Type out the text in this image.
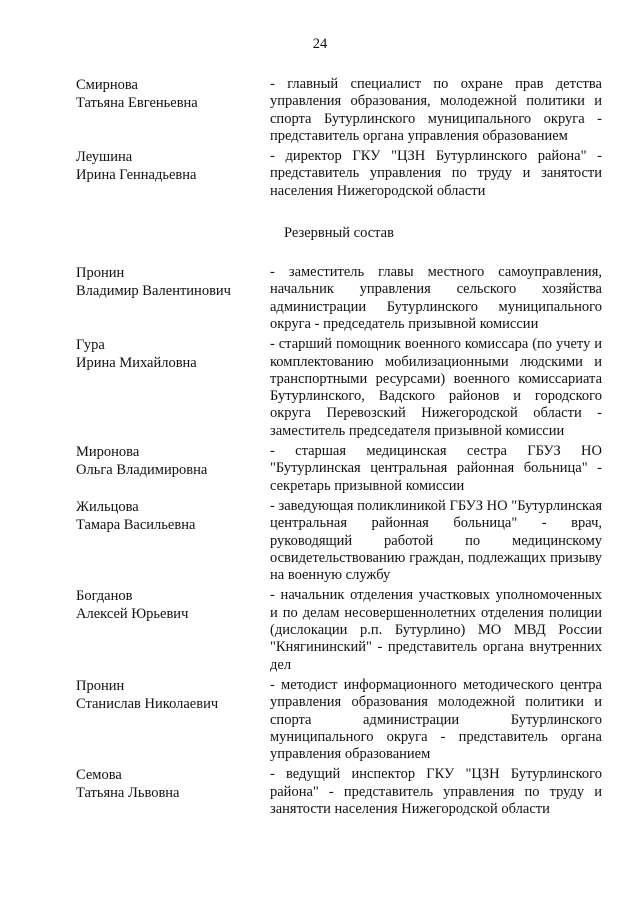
24
Смирнова
Татьяна Евгеньевна
- главный специалист по охране прав детства управления образования, молодежной политики и спорта Бутурлинского муниципального округа - представитель органа управления образованием
Леушина
Ирина Геннадьевна
- директор ГКУ "ЦЗН Бутурлинского района" - представитель управления по труду и занятости населения Нижегородской области
Резервный состав
Пронин
Владимир Валентинович
- заместитель главы местного самоуправления, начальник управления сельского хозяйства администрации Бутурлинского муниципального округа - председатель призывной комиссии
Гура
Ирина Михайловна
- старший помощник военного комиссара (по учету и комплектованию мобилизационными людскими и транспортными ресурсами) военного комиссариата Бутурлинского, Вадского районов и городского округа Перевозский Нижегородской области - заместитель председателя призывной комиссии
Миронова
Ольга Владимировна
- старшая медицинская сестра ГБУЗ НО "Бутурлинская центральная районная больница" - секретарь призывной комиссии
Жильцова
Тамара Васильевна
- заведующая поликлиникой ГБУЗ НО "Бутурлинская центральная районная больница" - врач, руководящий работой по медицинскому освидетельствованию граждан, подлежащих призыву на военную службу
Богданов
Алексей Юрьевич
- начальник отделения участковых уполномоченных и по делам несовершеннолетних отделения полиции (дислокации р.п. Бутурлино) МО МВД России "Княгининский" - представитель органа внутренних дел
Пронин
Станислав Николаевич
- методист информационного методического центра управления образования молодежной политики и спорта администрации Бутурлинского муниципального округа - представитель органа управления образованием
Семова
Татьяна Львовна
- ведущий инспектор ГКУ "ЦЗН Бутурлинского района" - представитель управления по труду и занятости населения Нижегородской области
